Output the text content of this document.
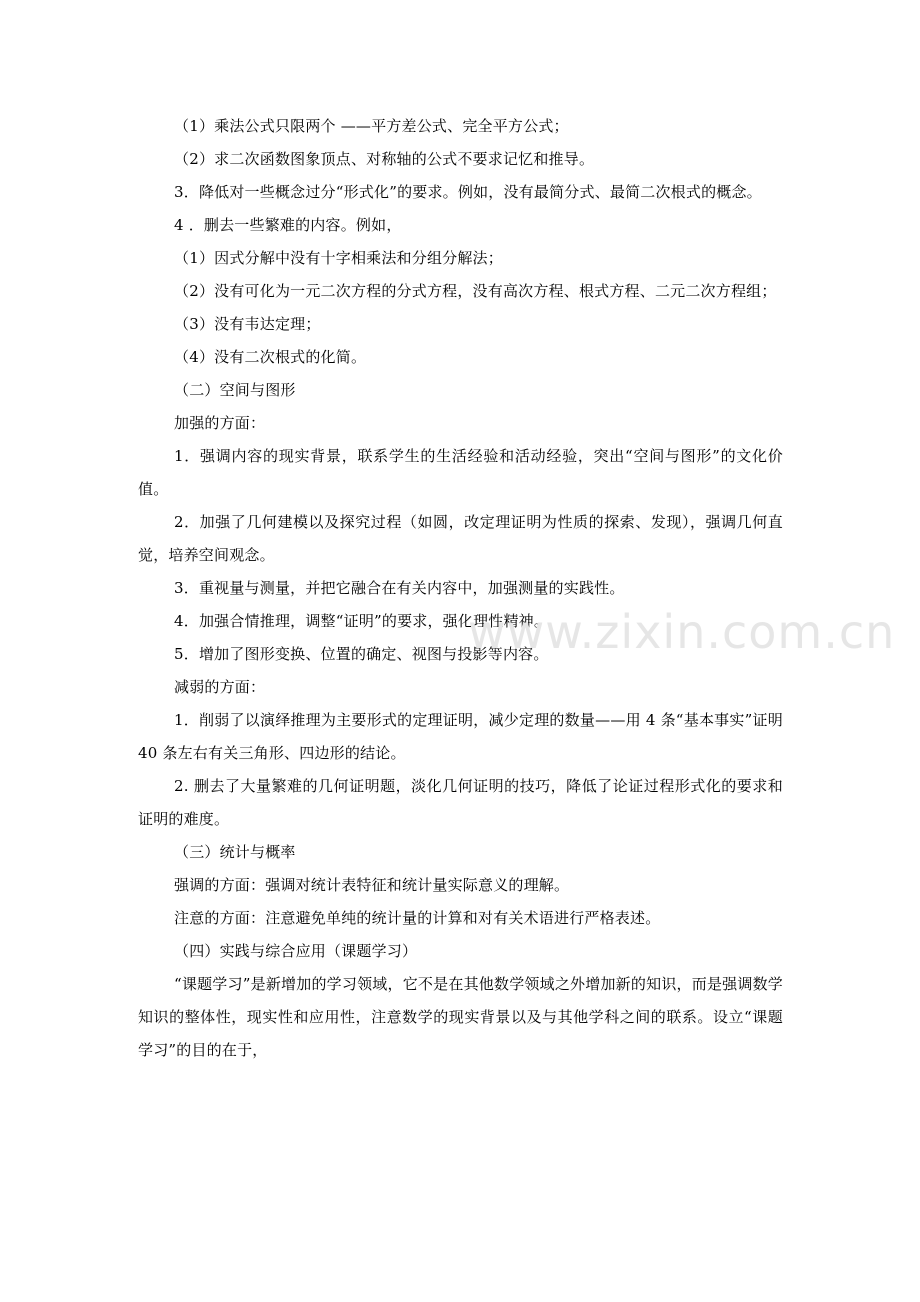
（1）乘法公式只限两个 ——平方差公式、完全平方公式；

（2）求二次函数图象顶点、对称轴的公式不要求记忆和推导。

3．降低对一些概念过分“形式化”的要求。例如，没有最简分式、最简二次根式的概念。

4 ．删去一些繁难的内容。例如，

（1）因式分解中没有十字相乘法和分组分解法；

（2）没有可化为一元二次方程的分式方程，没有高次方程、根式方程、二元二次方程组；

（3）没有韦达定理；

（4）没有二次根式的化简。

（二）空间与图形

加强的方面：

1．强调内容的现实背景，联系学生的生活经验和活动经验，突出“空间与图形”的文化价值。

2．加强了几何建模以及探究过程（如圆，改定理证明为性质的探索、发现），强调几何直觉，培养空间观念。

3．重视量与测量，并把它融合在有关内容中，加强测量的实践性。

4．加强合情推理，调整“证明”的要求，强化理性精神。

5．增加了图形变换、位置的确定、视图与投影等内容。

减弱的方面：

1．削弱了以演绎推理为主要形式的定理证明，减少定理的数量——用 4 条“基本事实”证明 40 条左右有关三角形、四边形的结论。

2. 删去了大量繁难的几何证明题，淡化几何证明的技巧，降低了论证过程形式化的要求和证明的难度。

（三）统计与概率

强调的方面：强调对统计表特征和统计量实际意义的理解。

注意的方面：注意避免单纯的统计量的计算和对有关术语进行严格表述。

（四）实践与综合应用（课题学习）

“课题学习”是新增加的学习领域，它不是在其他数学领域之外增加新的知识，而是强调数学知识的整体性，现实性和应用性，注意数学的现实背景以及与其他学科之间的联系。设立“课题学习”的目的在于，

www.zixin.com.cn
